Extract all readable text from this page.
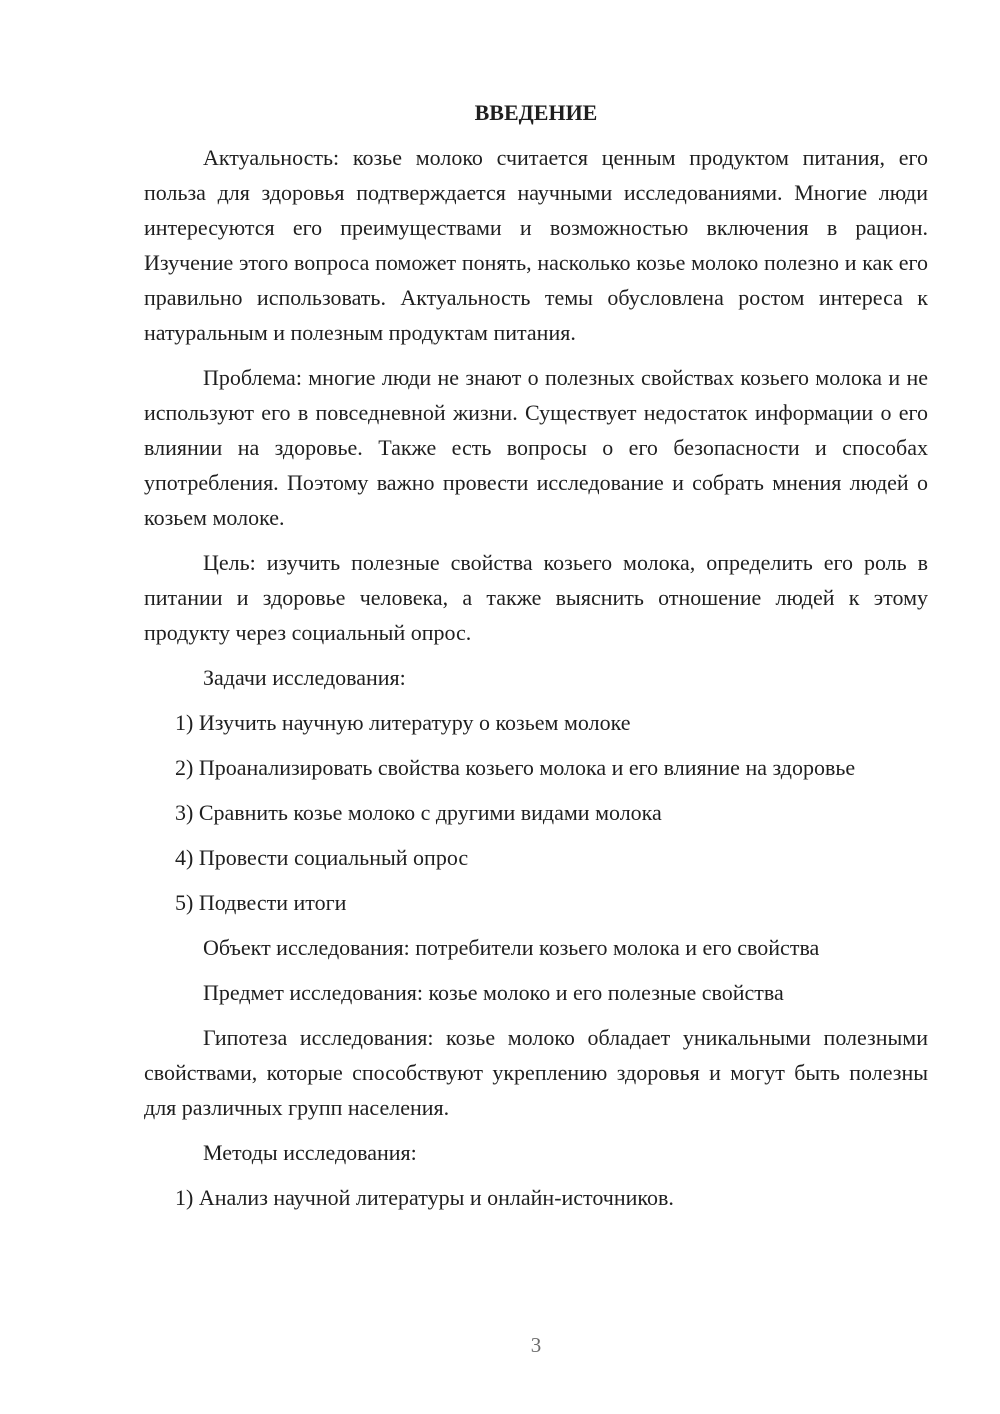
ВВЕДЕНИЕ

Актуальность: козье молоко считается ценным продуктом питания, его польза для здоровья подтверждается научными исследованиями. Многие люди интересуются его преимуществами и возможностью включения в рацион. Изучение этого вопроса поможет понять, насколько козье молоко полезно и как его правильно использовать. Актуальность темы обусловлена ростом интереса к натуральным и полезным продуктам питания.

Проблема: многие люди не знают о полезных свойствах козьего молока и не используют его в повседневной жизни. Существует недостаток информации о его влиянии на здоровье. Также есть вопросы о его безопасности и способах употребления. Поэтому важно провести исследование и собрать мнения людей о козьем молоке.

Цель: изучить полезные свойства козьего молока, определить его роль в питании и здоровье человека, а также выяснить отношение людей к этому продукту через социальный опрос.

Задачи исследования:

1) Изучить научную литературу о козьем молоке

2) Проанализировать свойства козьего молока и его влияние на здоровье

3) Сравнить козье молоко с другими видами молока

4) Провести социальный опрос

5) Подвести итоги

Объект исследования: потребители козьего молока и его свойства

Предмет исследования: козье молоко и его полезные свойства

Гипотеза исследования: козье молоко обладает уникальными полезными свойствами, которые способствуют укреплению здоровья и могут быть полезны для различных групп населения.

Методы исследования:

1) Анализ научной литературы и онлайн-источников.

3
